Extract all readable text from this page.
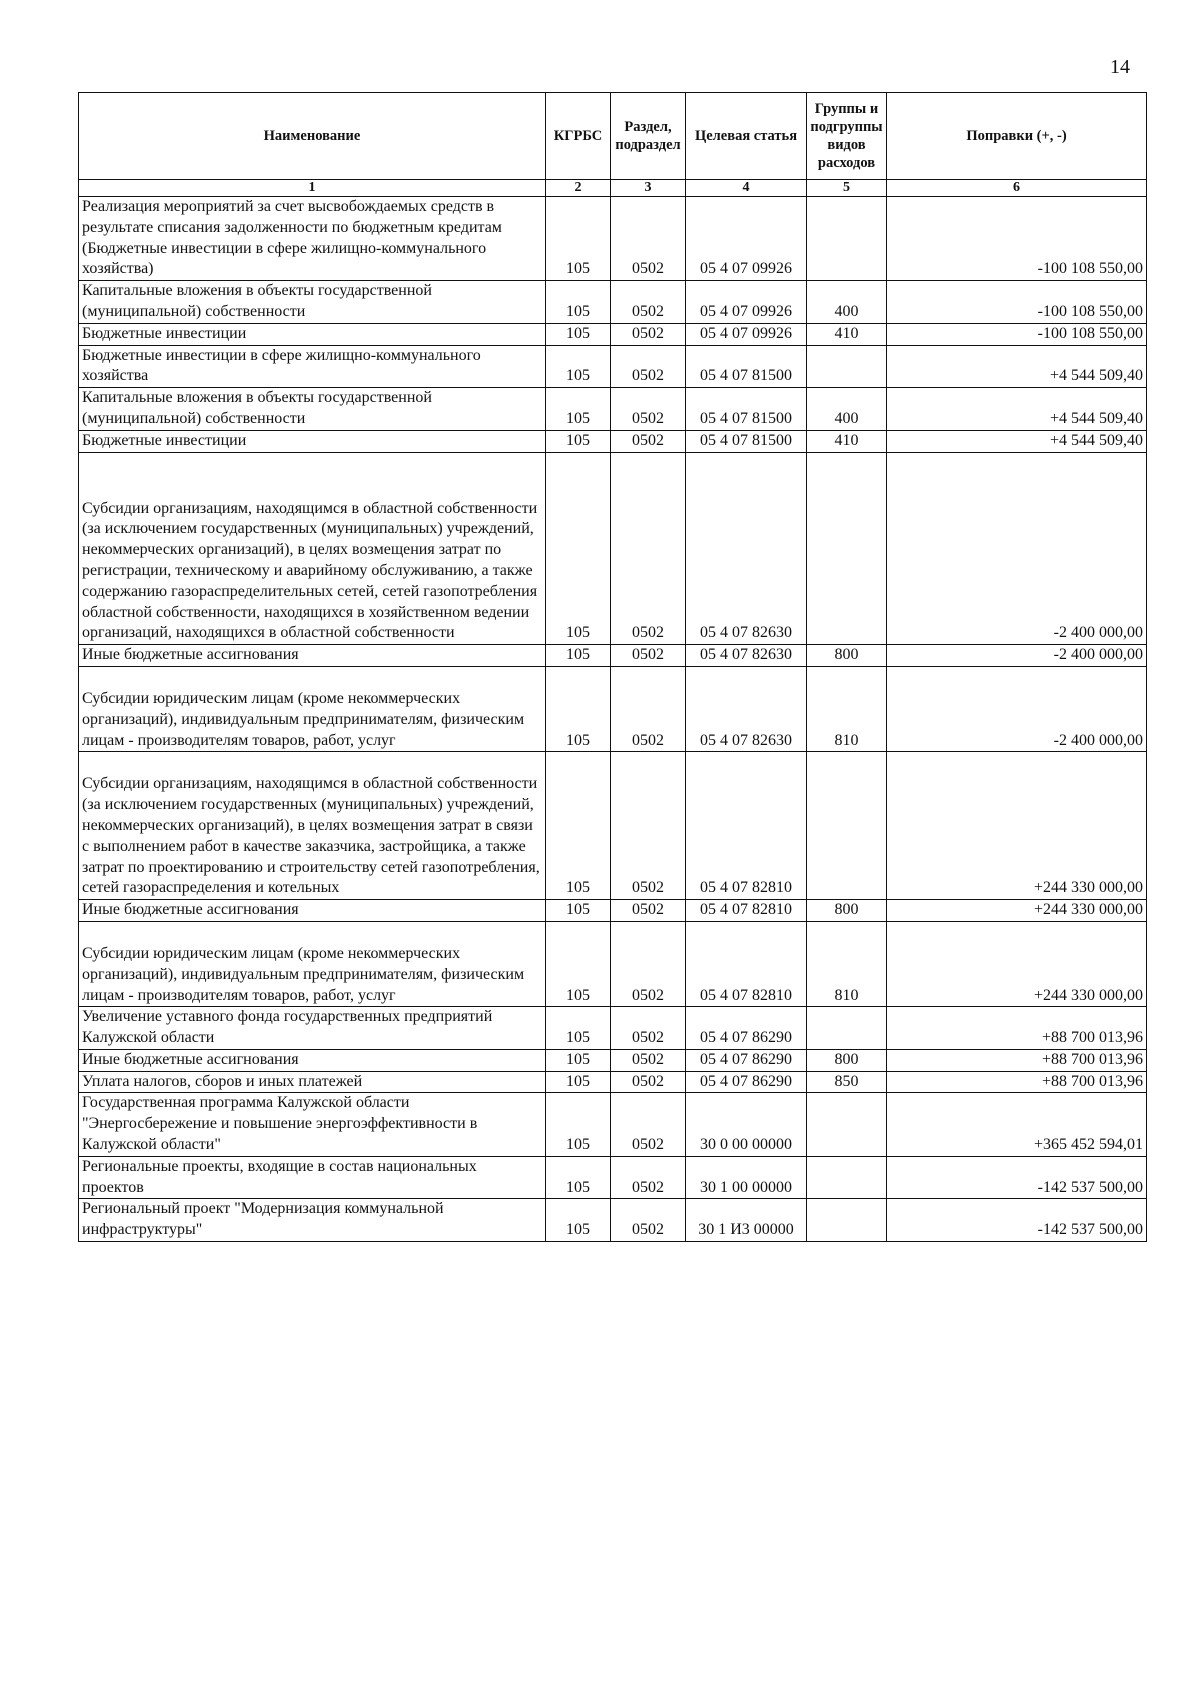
14
Наименование	КГРБС	Раздел, подраздел	Целевая статья	Группы и подгруппы видов расходов	Поправки (+, -)
1	2	3	4	5	6
Реализация мероприятий за счет высвобождаемых средств в результате списания задолженности по бюджетным кредитам (Бюджетные инвестиции в сфере жилищно-коммунального хозяйства)	105	0502	05 4 07 09926		-100 108 550,00
Капитальные вложения в объекты государственной (муниципальной) собственности	105	0502	05 4 07 09926	400	-100 108 550,00
Бюджетные инвестиции	105	0502	05 4 07 09926	410	-100 108 550,00
Бюджетные инвестиции в сфере жилищно-коммунального хозяйства	105	0502	05 4 07 81500		+4 544 509,40
Капитальные вложения в объекты государственной (муниципальной) собственности	105	0502	05 4 07 81500	400	+4 544 509,40
Бюджетные инвестиции	105	0502	05 4 07 81500	410	+4 544 509,40
Субсидии организациям, находящимся в областной собственности (за исключением государственных (муниципальных) учреждений, некоммерческих организаций), в целях возмещения затрат по регистрации, техническому и аварийному обслуживанию, а также содержанию газораспределительных сетей, сетей газопотребления областной собственности, находящихся в хозяйственном ведении организаций, находящихся в областной собственности	105	0502	05 4 07 82630		-2 400 000,00
Иные бюджетные ассигнования	105	0502	05 4 07 82630	800	-2 400 000,00
Субсидии юридическим лицам (кроме некоммерческих организаций), индивидуальным предпринимателям, физическим лицам - производителям товаров, работ, услуг	105	0502	05 4 07 82630	810	-2 400 000,00
Субсидии организациям, находящимся в областной собственности (за исключением государственных (муниципальных) учреждений, некоммерческих организаций), в целях возмещения затрат в связи с выполнением работ в качестве заказчика, застройщика, а также затрат по проектированию и строительству сетей газопотребления, сетей газораспределения и котельных	105	0502	05 4 07 82810		+244 330 000,00
Иные бюджетные ассигнования	105	0502	05 4 07 82810	800	+244 330 000,00
Субсидии юридическим лицам (кроме некоммерческих организаций), индивидуальным предпринимателям, физическим лицам - производителям товаров, работ, услуг	105	0502	05 4 07 82810	810	+244 330 000,00
Увеличение уставного фонда государственных предприятий Калужской области	105	0502	05 4 07 86290		+88 700 013,96
Иные бюджетные ассигнования	105	0502	05 4 07 86290	800	+88 700 013,96
Уплата налогов, сборов и иных платежей	105	0502	05 4 07 86290	850	+88 700 013,96
Государственная программа Калужской области "Энергосбережение и повышение энергоэффективности в Калужской области"	105	0502	30 0 00 00000		+365 452 594,01
Региональные проекты, входящие в состав национальных проектов	105	0502	30 1 00 00000		-142 537 500,00
Региональный проект "Модернизация коммунальной инфраструктуры"	105	0502	30 1 И3 00000		-142 537 500,00
